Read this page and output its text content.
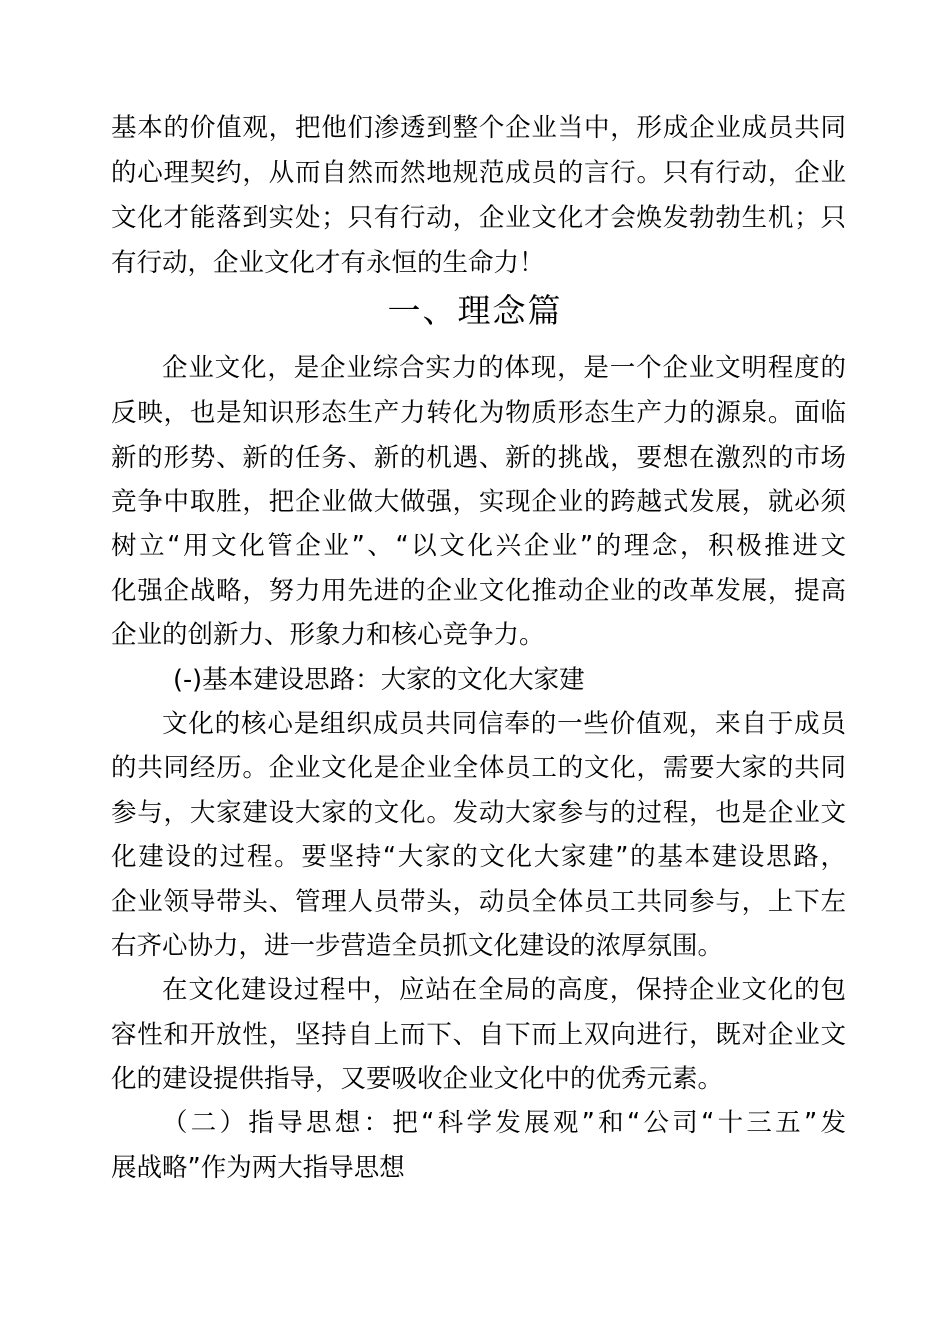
基本的价值观，把他们渗透到整个企业当中，形成企业成员共同
的心理契约，从而自然而然地规范成员的言行。只有行动，企业
文化才能落到实处；只有行动，企业文化才会焕发勃勃生机；只
有行动，企业文化才有永恒的生命力！
一、理念篇
企业文化，是企业综合实力的体现，是一个企业文明程度的
反映，也是知识形态生产力转化为物质形态生产力的源泉。面临
新的形势、新的任务、新的机遇、新的挑战，要想在激烈的市场
竞争中取胜，把企业做大做强，实现企业的跨越式发展，就必须
树立“用文化管企业”、“以文化兴企业”的理念，积极推进文
化强企战略，努力用先进的企业文化推动企业的改革发展，提高
企业的创新力、形象力和核心竞争力。
(-)基本建设思路：大家的文化大家建
文化的核心是组织成员共同信奉的一些价值观，来自于成员
的共同经历。企业文化是企业全体员工的文化，需要大家的共同
参与，大家建设大家的文化。发动大家参与的过程，也是企业文
化建设的过程。要坚持“大家的文化大家建”的基本建设思路，
企业领导带头、管理人员带头，动员全体员工共同参与，上下左
右齐心协力，进一步营造全员抓文化建设的浓厚氛围。
在文化建设过程中，应站在全局的高度，保持企业文化的包
容性和开放性，坚持自上而下、自下而上双向进行，既对企业文
化的建设提供指导，又要吸收企业文化中的优秀元素。
（二）指导思想：把“科学发展观”和“公司“十三五”发
展战略”作为两大指导思想
